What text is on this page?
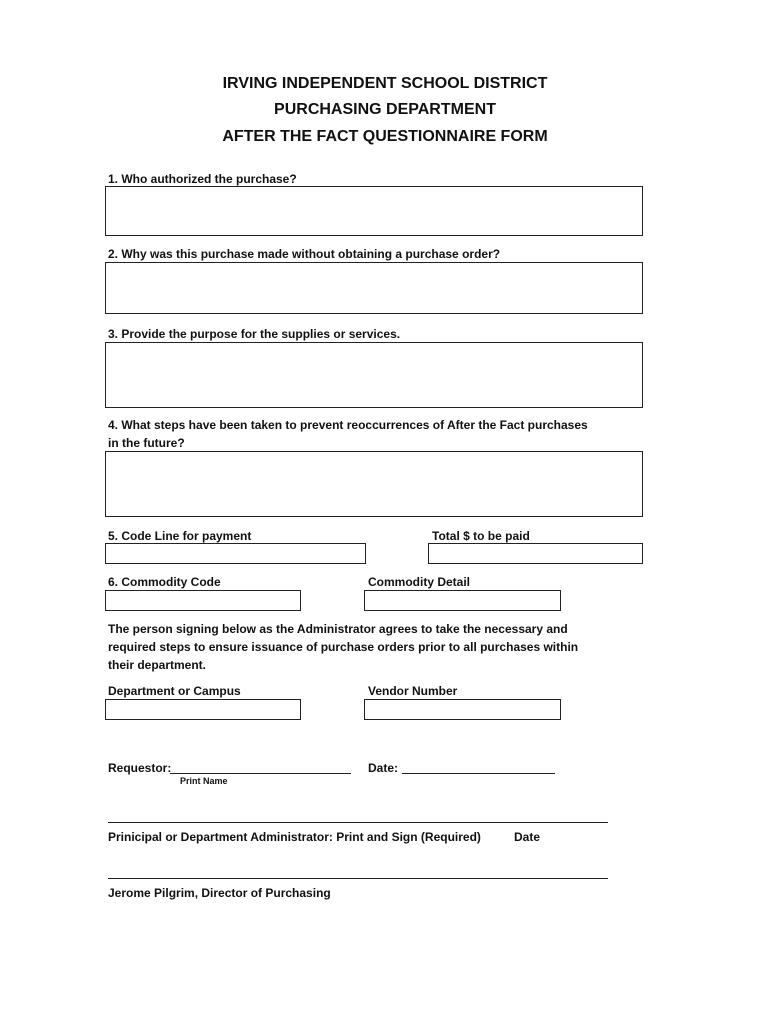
IRVING INDEPENDENT SCHOOL DISTRICT
PURCHASING DEPARTMENT
AFTER THE FACT QUESTIONNAIRE FORM
1. Who authorized the purchase?
2. Why was this purchase made without obtaining a purchase order?
3. Provide the purpose for the supplies or services.
4. What steps have been taken to prevent reoccurrences of After the Fact purchases
in the future?
5. Code Line for payment	Total $ to be paid
6. Commodity Code	Commodity Detail
The person signing below as the Administrator agrees to take the necessary and
required steps to ensure issuance of purchase orders prior to all purchases within
their department.
Department or Campus	Vendor Number
Requestor:
Print Name
Date:
Prinicipal or Department Administrator: Print and Sign (Required)	Date
Jerome Pilgrim, Director of Purchasing
